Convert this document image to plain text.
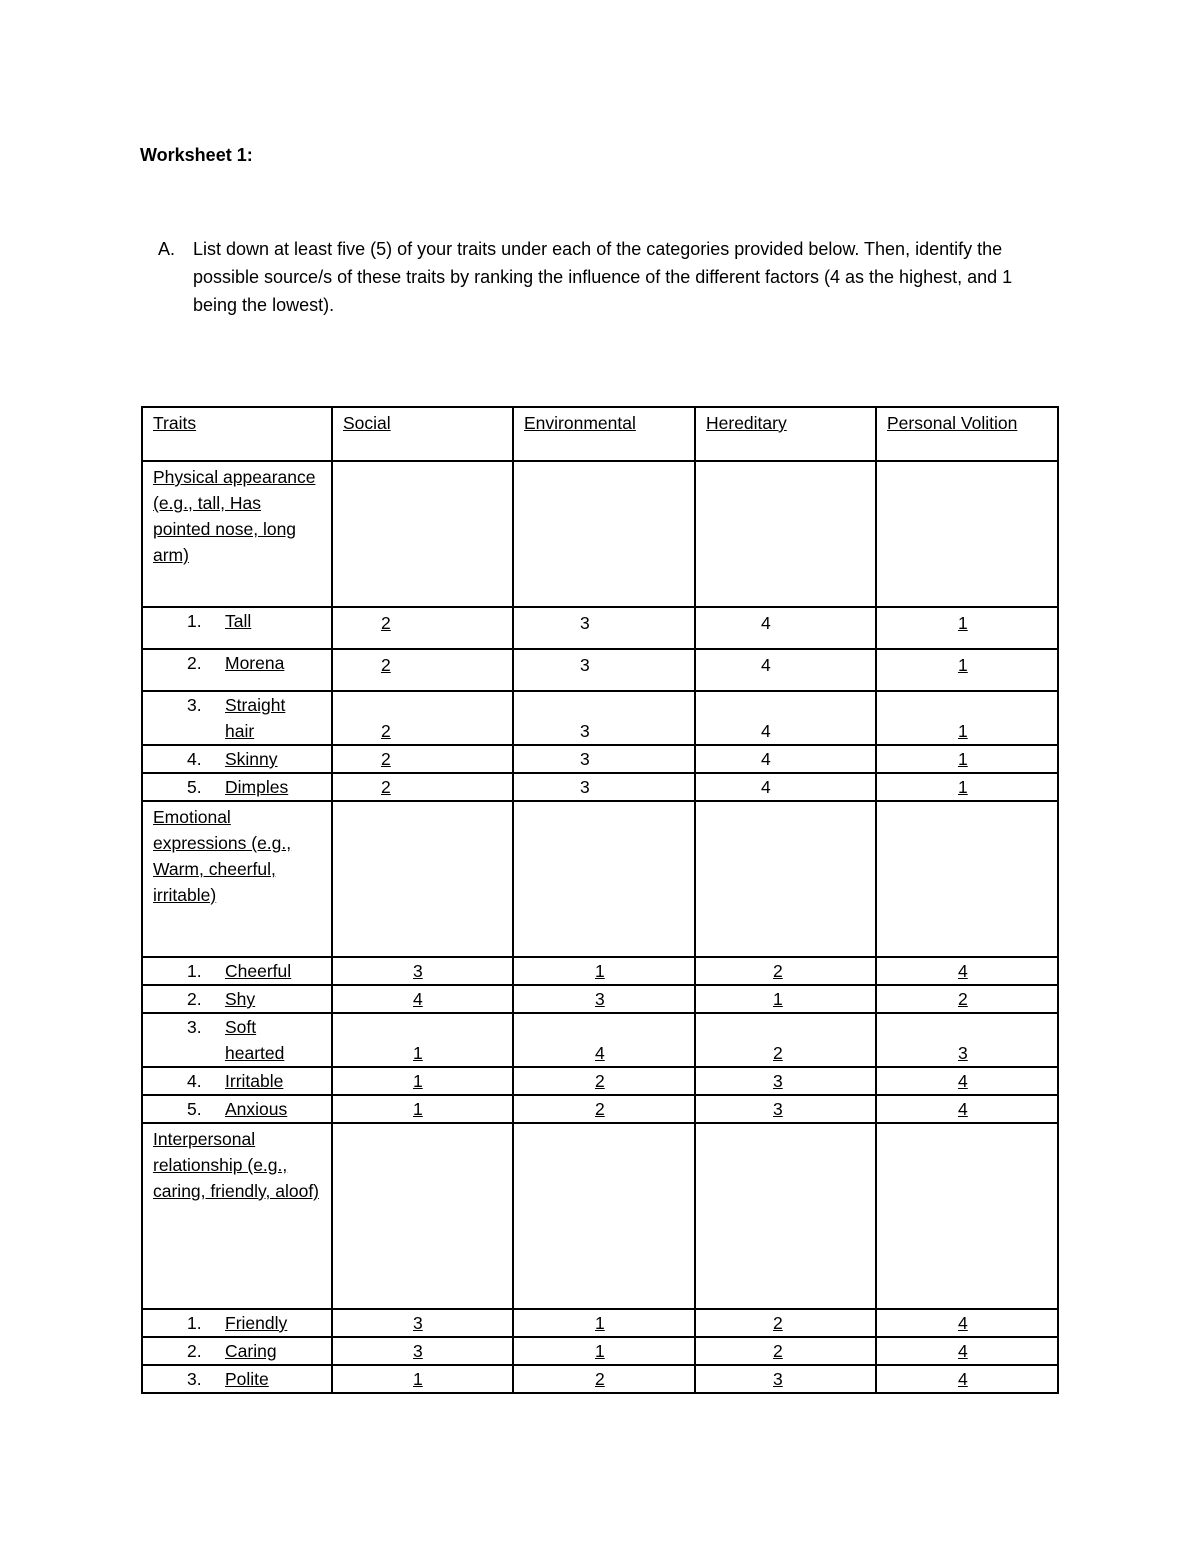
Worksheet 1:
A. List down at least five (5) of your traits under each of the categories provided below. Then, identify the possible source/s of these traits by ranking the influence of the different factors (4 as the highest, and 1 being the lowest).
Traits	Social	Environmental	Hereditary	Personal Volition

Physical appearance (e.g., tall, Has pointed nose, long arm)				

1. Tall	2	3	4	1

2. Morena	2	3	4	1

3. Straight hair	2	3	4	1

4. Skinny	2	3	4	1

5. Dimples	2	3	4	1

Emotional expressions (e.g., Warm, cheerful, irritable)				

1. Cheerful	3	1	2	4

2. Shy	4	3	1	2

3. Soft hearted	1	4	2	3

4. Irritable	1	2	3	4

5. Anxious	1	2	3	4

Interpersonal relationship (e.g., caring, friendly, aloof)				

1. Friendly	3	1	2	4

2. Caring	3	1	2	4

3. Polite	1	2	3	4
